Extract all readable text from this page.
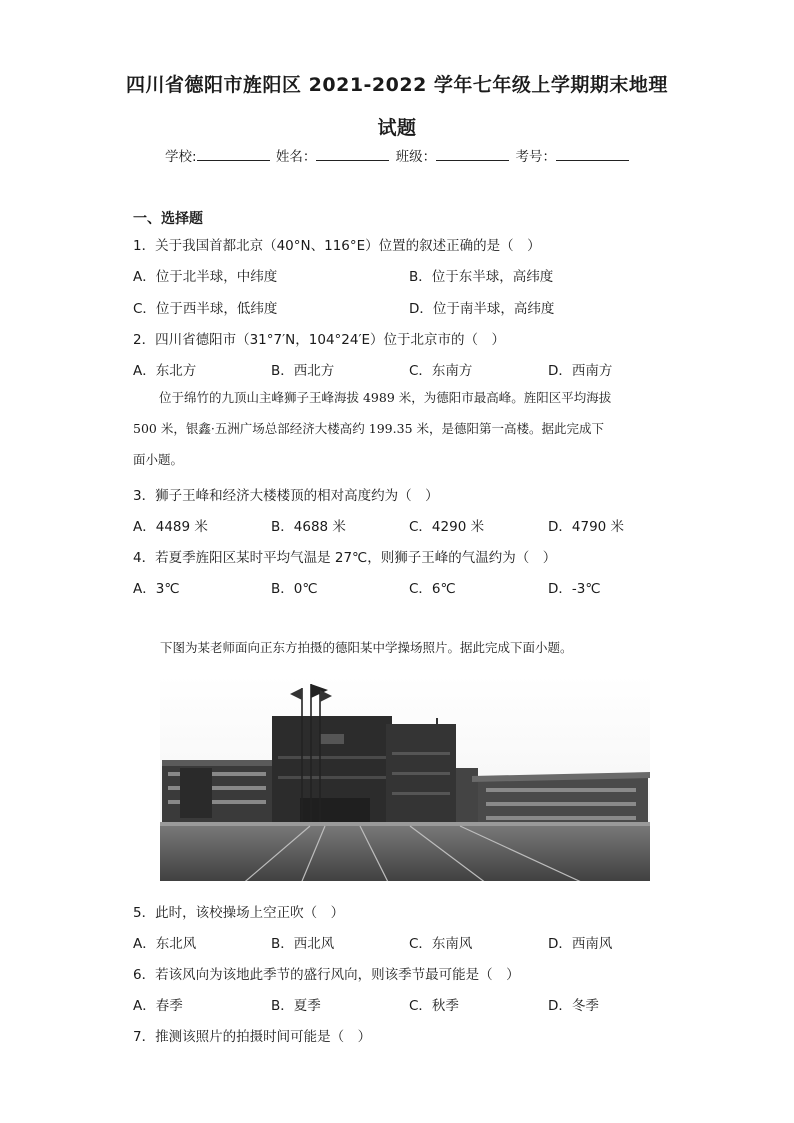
四川省德阳市旌阳区 2021-2022 学年七年级上学期期末地理
试题
学校:	姓名：	班级：	考号：
一、选择题
1．关于我国首都北京（40°N、116°E）位置的叙述正确的是（　）
A．位于北半球，中纬度	B．位于东半球，高纬度
C．位于西半球，低纬度	D．位于南半球，高纬度
2．四川省德阳市（31°7′N，104°24′E）位于北京市的（　）
A．东北方	B．西北方	C．东南方	D．西南方
位于绵竹的九顶山主峰狮子王峰海拔 4989 米，为德阳市最高峰。旌阳区平均海拔
500 米，银鑫·五洲广场总部经济大楼高约 199.35 米，是德阳第一高楼。据此完成下
面小题。
3．狮子王峰和经济大楼楼顶的相对高度约为（　）
A．4489 米	B．4688 米	C．4290 米	D．4790 米
4．若夏季旌阳区某时平均气温是 27℃，则狮子王峰的气温约为（　）
A．3℃	B．0℃	C．6℃	D．-3℃
下图为某老师面向正东方拍摄的德阳某中学操场照片。据此完成下面小题。
5．此时，该校操场上空正吹（　）
A．东北风	B．西北风	C．东南风	D．西南风
6．若该风向为该地此季节的盛行风向，则该季节最可能是（　）
A．春季	B．夏季	C．秋季	D．冬季
7．推测该照片的拍摄时间可能是（　）
